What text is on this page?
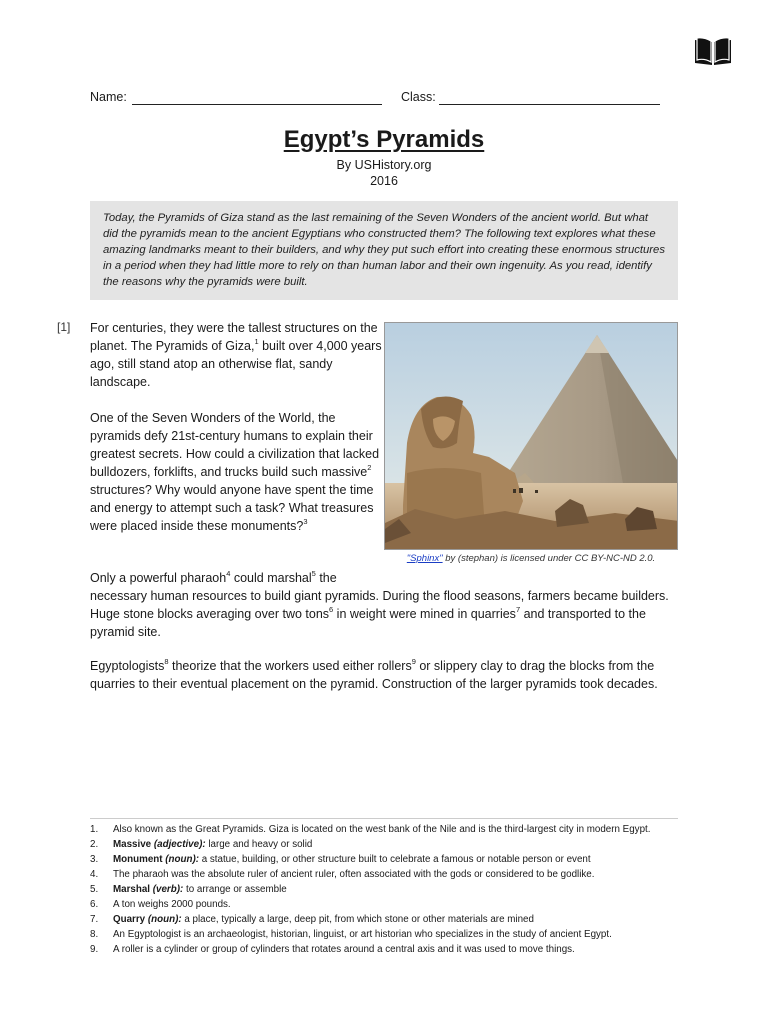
Name:	Class:
Egypt’s Pyramids
By USHistory.org
2016
Today, the Pyramids of Giza stand as the last remaining of the Seven Wonders of the ancient world. But what did the pyramids mean to the ancient Egyptians who constructed them? The following text explores what these amazing landmarks meant to their builders, and why they put such effort into creating these enormous structures in a period when they had little more to rely on than human labor and their own ingenuity. As you read, identify the reasons why the pyramids were built.
[1] For centuries, they were the tallest structures on the planet. The Pyramids of Giza,$^1$ built over 4,000 years ago, still stand atop an otherwise flat, sandy landscape.

One of the Seven Wonders of the World, the pyramids defy 21st-century humans to explain their greatest secrets. How could a civilization that lacked bulldozers, forklifts, and trucks build such massive$^2$ structures? Why would anyone have spent the time and energy to attempt such a task? What treasures were placed inside these monuments?$^3$

"Sphinx" by (stephan) is licensed under CC BY-NC-ND 2.0.

Only a powerful pharaoh$^4$ could marshal$^5$ the
necessary human resources to build giant pyramids. During the flood seasons, farmers became builders. Huge stone blocks averaging over two tons$^6$ in weight were mined in quarries$^7$ and transported to the pyramid site.

Egyptologists$^8$ theorize that the workers used either rollers$^9$ or slippery clay to drag the blocks from the quarries to their eventual placement on the pyramid. Construction of the larger pyramids took decades.

1.	Also known as the Great Pyramids. Giza is located on the west bank of the Nile and is the third-largest city in modern Egypt.
2.	Massive (adjective): large and heavy or solid
3.	Monument (noun): a statue, building, or other structure built to celebrate a famous or notable person or event
4.	The pharaoh was the absolute ruler of ancient ruler, often associated with the gods or considered to be godlike.
5.	Marshal (verb): to arrange or assemble
6.	A ton weighs 2000 pounds.
7.	Quarry (noun): a place, typically a large, deep pit, from which stone or other materials are mined
8.	An Egyptologist is an archaeologist, historian, linguist, or art historian who specializes in the study of ancient Egypt.
9.	A roller is a cylinder or group of cylinders that rotates around a central axis and it was used to move things.
